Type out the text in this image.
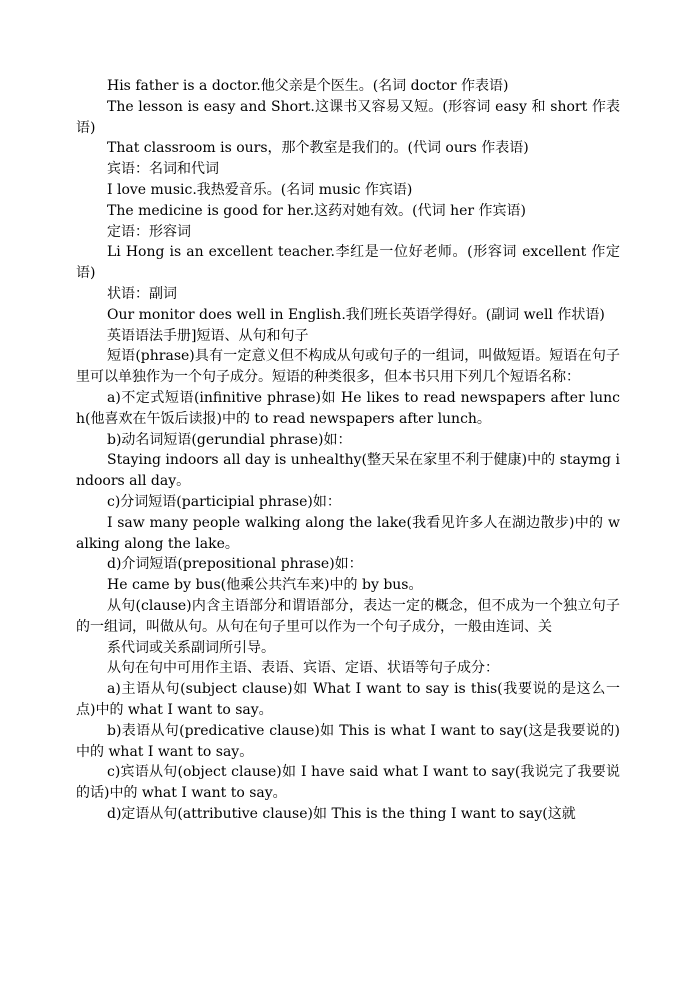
His father is a doctor.他父亲是个医生。(名词 doctor 作表语)

The lesson is easy and Short.这课书又容易又短。(形容词 easy 和 short 作表语)

That classroom is ours，那个教室是我们的。(代词 ours 作表语)

宾语：名词和代词

I love music.我热爱音乐。(名词 music 作宾语)

The medicine is good for her.这药对她有效。(代词 her 作宾语)

定语：形容词

Li Hong is an excellent teacher.李红是一位好老师。(形容词 excellent 作定语)

状语：副词

Our monitor does well in English.我们班长英语学得好。(副词 well 作状语)

英语语法手册]短语、从句和句子

短语(phrase)具有一定意义但不构成从句或句子的一组词，叫做短语。短语在句子里可以单独作为一个句子成分。短语的种类很多，但本书只用下列几个短语名称：

a)不定式短语(infinitive phrase)如 He likes to read newspapers after lunch(他喜欢在午饭后读报)中的 to read newspapers after lunch。

b)动名词短语(gerundial phrase)如：

Staying indoors all day is unhealthy(整天呆在家里不利于健康)中的 staymg indoors all day。

c)分词短语(participial phrase)如：

I saw many people walking along the lake(我看见许多人在湖边散步)中的 walking along the lake。

d)介词短语(prepositional phrase)如：

He came by bus(他乘公共汽车来)中的 by bus。

从句(clause)内含主语部分和谓语部分，表达一定的概念，但不成为一个独立句子的一组词，叫做从句。从句在句子里可以作为一个句子成分，一般由连词、关

系代词或关系副词所引导。

从句在句中可用作主语、表语、宾语、定语、状语等句子成分：

a)主语从句(subject clause)如 What I want to say is this(我要说的是这么一点)中的 what I want to say。

b)表语从句(predicative clause)如 This is what I want to say(这是我要说的)中的 what I want to say。

c)宾语从句(object clause)如 I have said what I want to say(我说完了我要说的话)中的 what I want to say。

d)定语从句(attributive clause)如 This is the thing I want to say(这就
